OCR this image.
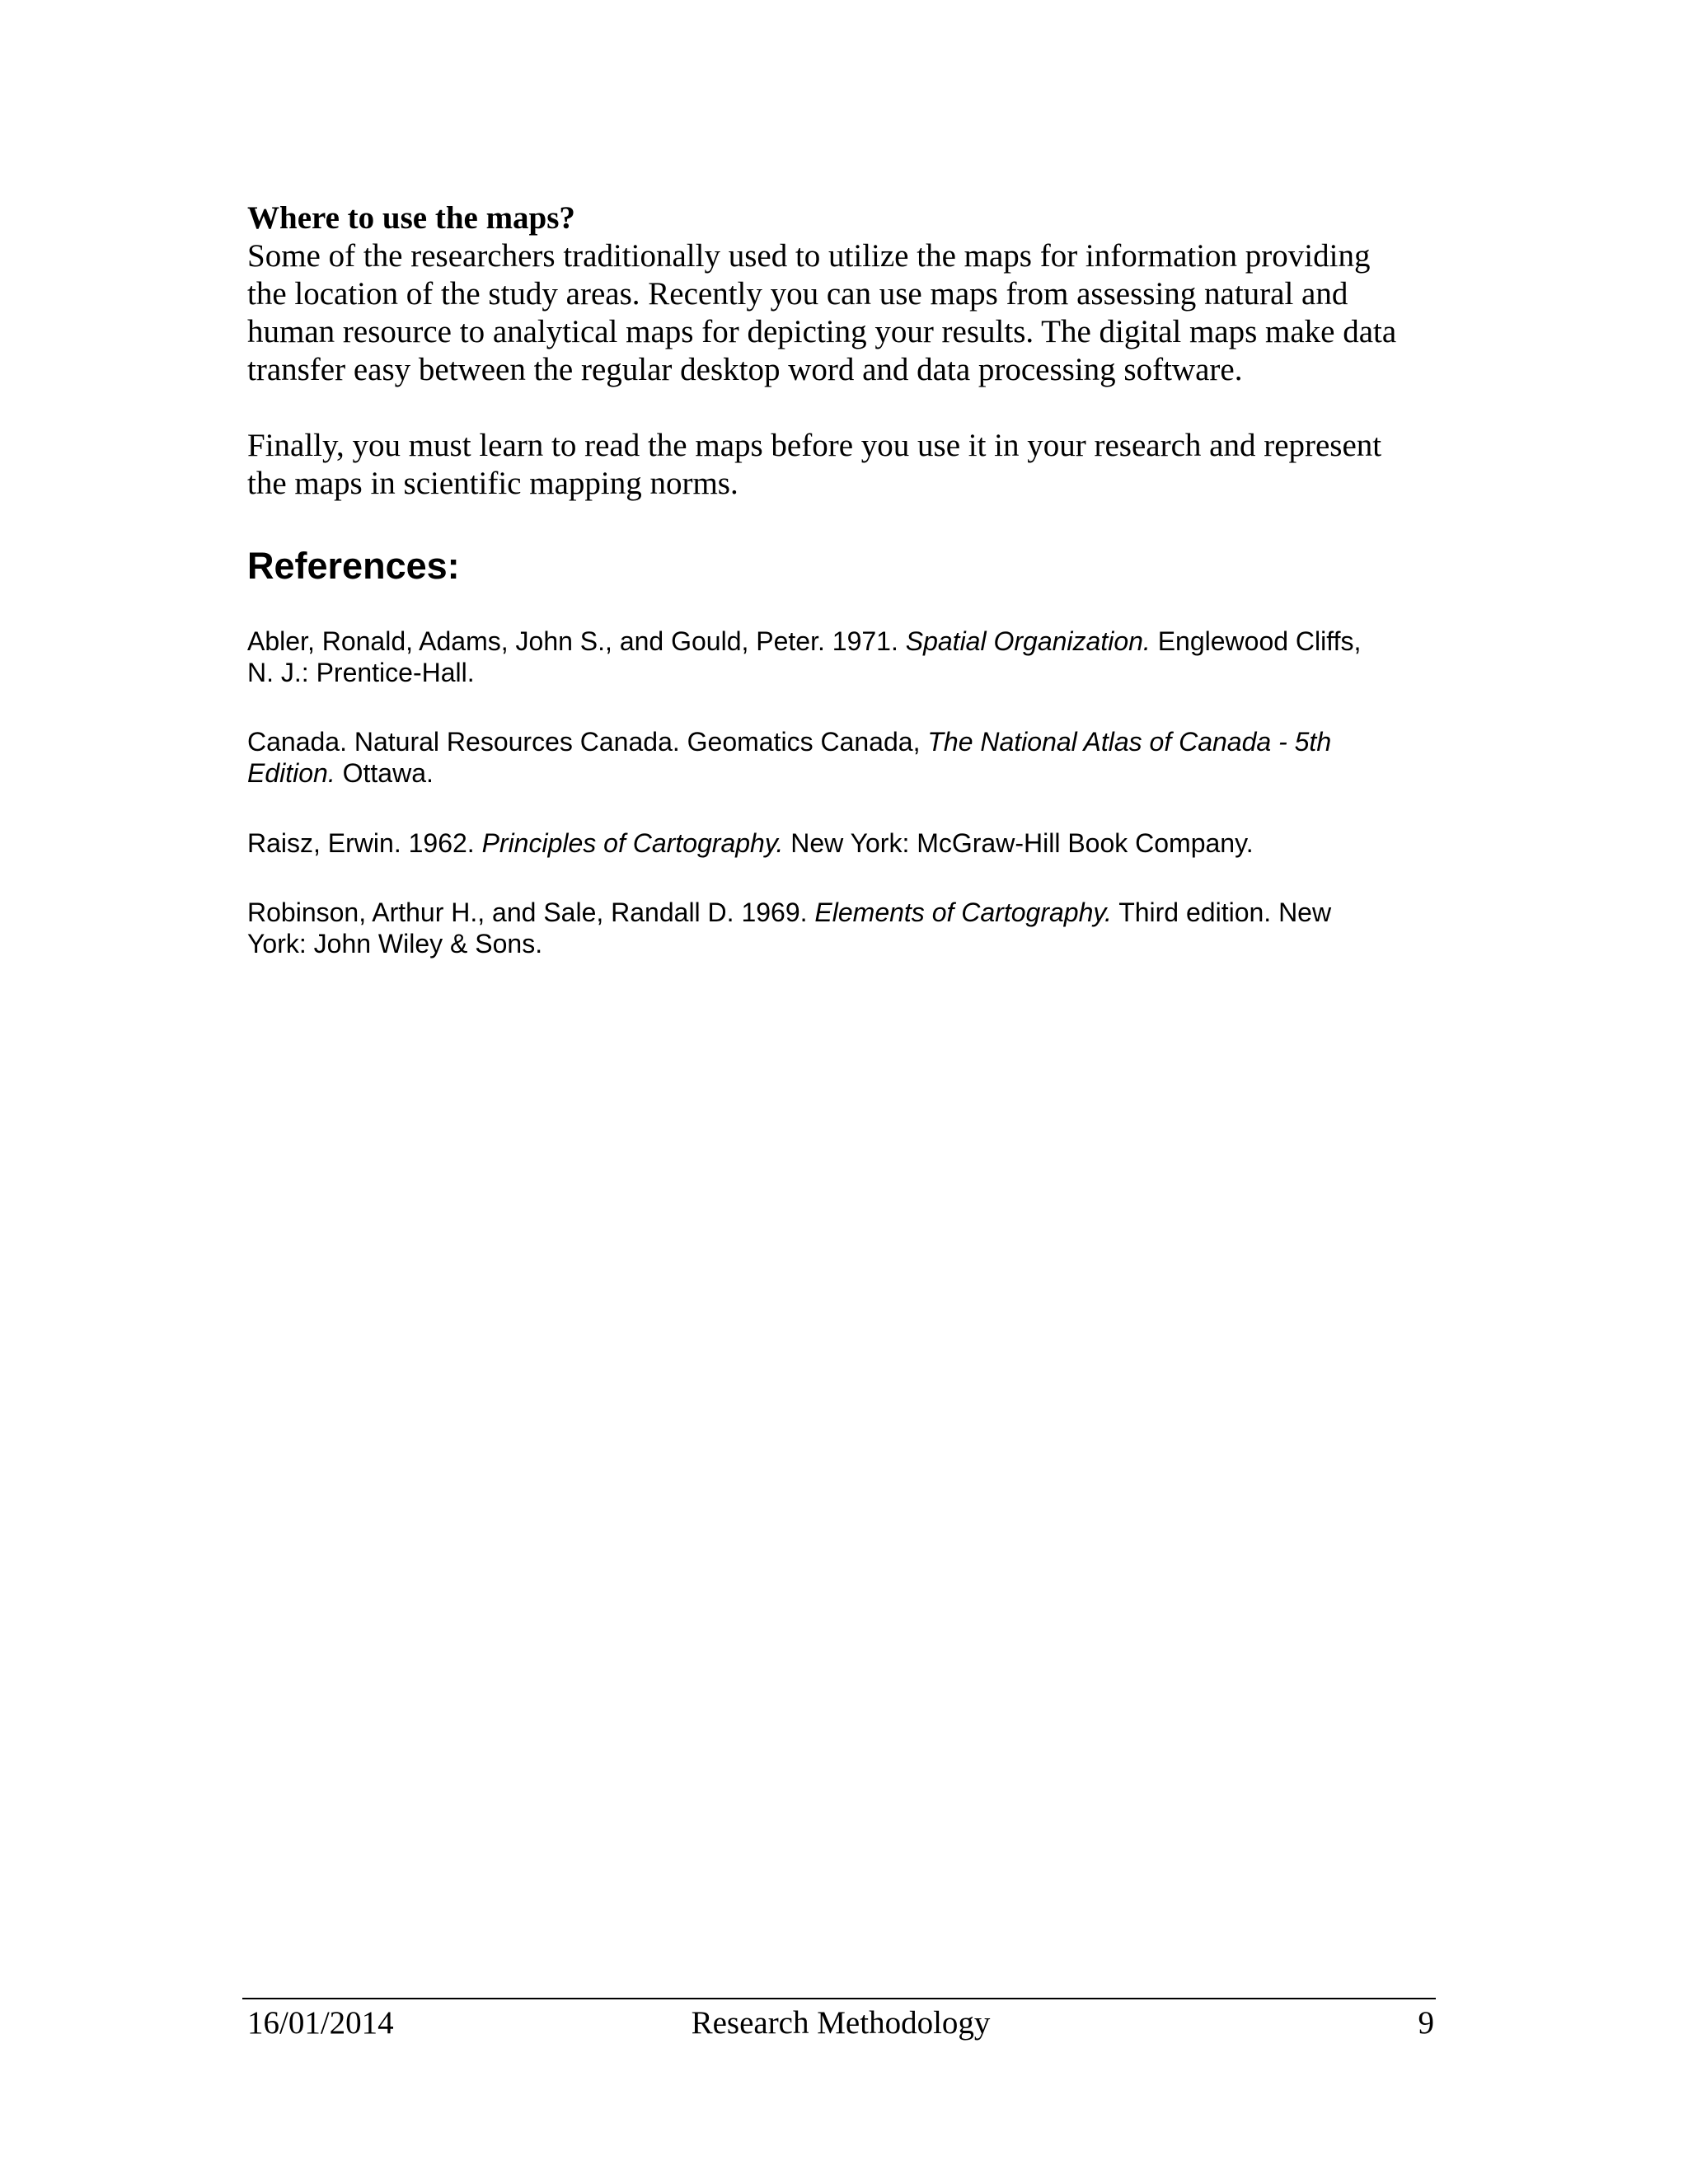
Where to use the maps?
Some of the researchers traditionally used to utilize the maps for information providing
the location of the study areas. Recently you can use maps from assessing natural and
human resource to analytical maps for depicting your results. The digital maps make data
transfer easy between the regular desktop word and data processing software.
Finally, you must learn to read the maps before you use it in your research and represent
the maps in scientific mapping norms.
References:
Abler, Ronald, Adams, John S., and Gould, Peter. 1971. Spatial Organization. Englewood Cliffs,
N. J.: Prentice-Hall.
Canada. Natural Resources Canada. Geomatics Canada, The National Atlas of Canada - 5th
Edition. Ottawa.
Raisz, Erwin. 1962. Principles of Cartography. New York: McGraw-Hill Book Company.
Robinson, Arthur H., and Sale, Randall D. 1969. Elements of Cartography. Third edition. New
York: John Wiley & Sons.
16/01/2014	Research Methodology	9
